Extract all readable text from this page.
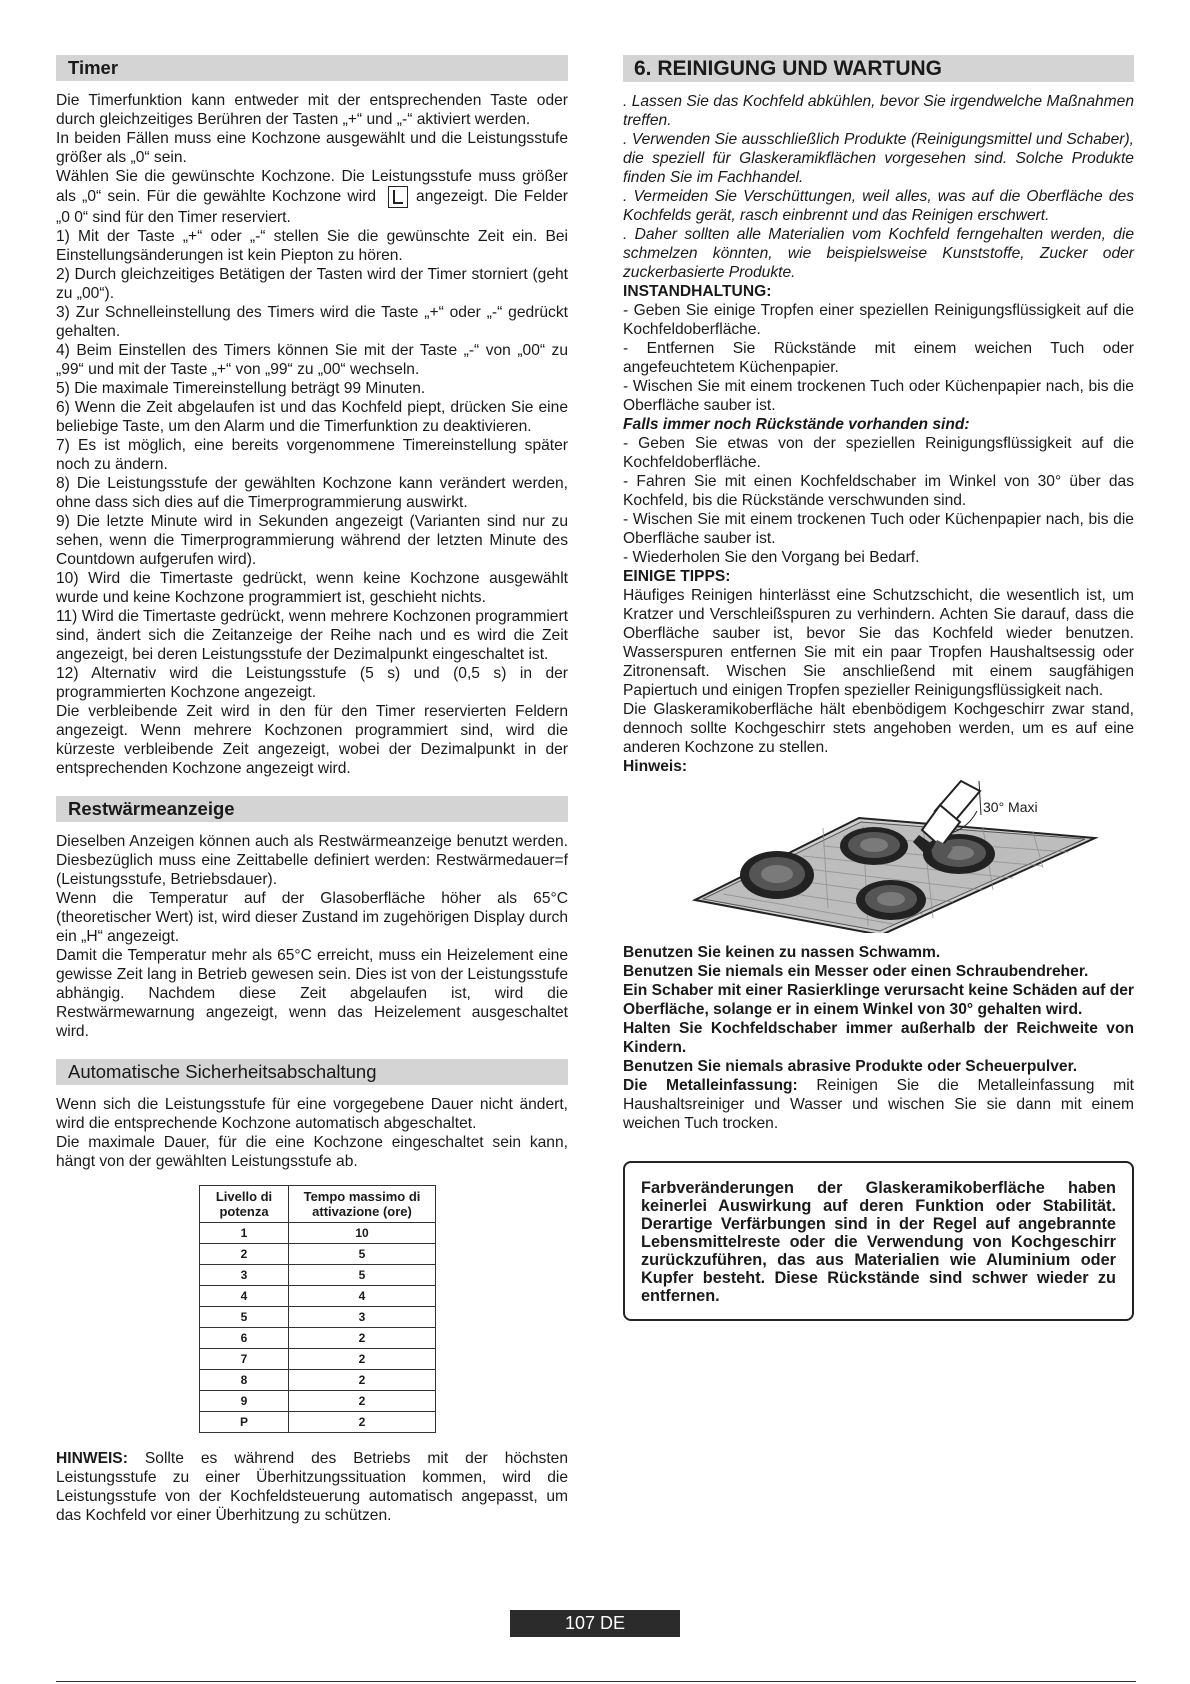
Timer

Die Timerfunktion kann entweder mit der entsprechenden Taste oder durch gleichzeitiges Berühren der Tasten „+“ und „-“ aktiviert werden.

In beiden Fällen muss eine Kochzone ausgewählt und die Leistungsstufe größer als „0“ sein.

Wählen Sie die gewünschte Kochzone. Die Leistungsstufe muss größer als „0“ sein. Für die gewählte Kochzone wird	angezeigt. Die Felder „0 0“ sind für den Timer reserviert.

1) Mit der Taste „+“ oder „-“ stellen Sie die gewünschte Zeit ein. Bei Einstellungsänderungen ist kein Piepton zu hören.

2) Durch gleichzeitiges Betätigen der Tasten wird der Timer storniert (geht zu „00“).

3) Zur Schnelleinstellung des Timers wird die Taste „+“ oder „-“ gedrückt gehalten.

4) Beim Einstellen des Timers können Sie mit der Taste „-“ von „00“ zu „99“ und mit der Taste „+“ von „99“ zu „00“ wechseln.

5) Die maximale Timereinstellung beträgt 99 Minuten.

6) Wenn die Zeit abgelaufen ist und das Kochfeld piept, drücken Sie eine beliebige Taste, um den Alarm und die Timerfunktion zu deaktivieren.

7) Es ist möglich, eine bereits vorgenommene Timereinstellung später noch zu ändern.

8) Die Leistungsstufe der gewählten Kochzone kann verändert werden, ohne dass sich dies auf die Timerprogrammierung auswirkt.

9) Die letzte Minute wird in Sekunden angezeigt (Varianten sind nur zu sehen, wenn die Timerprogrammierung während der letzten Minute des Countdown aufgerufen wird).

10) Wird die Timertaste gedrückt, wenn keine Kochzone ausgewählt wurde und keine Kochzone programmiert ist, geschieht nichts.

11) Wird die Timertaste gedrückt, wenn mehrere Kochzonen programmiert sind, ändert sich die Zeitanzeige der Reihe nach und es wird die Zeit angezeigt, bei deren Leistungsstufe der Dezimalpunkt eingeschaltet ist.

12) Alternativ wird die Leistungsstufe (5 s) und (0,5 s) in der programmierten Kochzone angezeigt.

Die verbleibende Zeit wird in den für den Timer reservierten Feldern angezeigt. Wenn mehrere Kochzonen programmiert sind, wird die kürzeste verbleibende Zeit angezeigt, wobei der Dezimalpunkt in der entsprechenden Kochzone angezeigt wird.

Restwärmeanzeige

Dieselben Anzeigen können auch als Restwärmeanzeige benutzt werden. Diesbezüglich muss eine Zeittabelle definiert werden: Restwärmedauer=f (Leistungsstufe, Betriebsdauer).

Wenn die Temperatur auf der Glasoberfläche höher als 65°C (theoretischer Wert) ist, wird dieser Zustand im zugehörigen Display durch ein „H“ angezeigt.

Damit die Temperatur mehr als 65°C erreicht, muss ein Heizelement eine gewisse Zeit lang in Betrieb gewesen sein. Dies ist von der Leistungsstufe abhängig. Nachdem diese Zeit abgelaufen ist, wird die Restwärmewarnung angezeigt, wenn das Heizelement ausgeschaltet wird.

Automatische Sicherheitsabschaltung

Wenn sich die Leistungsstufe für eine vorgegebene Dauer nicht ändert, wird die entsprechende Kochzone automatisch abgeschaltet.

Die maximale Dauer, für die eine Kochzone eingeschaltet sein kann, hängt von der gewählten Leistungsstufe ab.

Livello di potenza	Tempo massimo di attivazione (ore)
1	10
2	5
3	5
4	4
5	3
6	2
7	2
8	2
9	2
P	2

HINWEIS: Sollte es während des Betriebs mit der höchsten Leistungsstufe zu einer Überhitzungssituation kommen, wird die Leistungsstufe von der Kochfeldsteuerung automatisch angepasst, um das Kochfeld vor einer Überhitzung zu schützen.

6. REINIGUNG UND WARTUNG

. Lassen Sie das Kochfeld abkühlen, bevor Sie irgendwelche Maßnahmen treffen.

. Verwenden Sie ausschließlich Produkte (Reinigungsmittel und Schaber), die speziell für Glaskeramikflächen vorgesehen sind. Solche Produkte finden Sie im Fachhandel.

. Vermeiden Sie Verschüttungen, weil alles, was auf die Oberfläche des Kochfelds gerät, rasch einbrennt und das Reinigen erschwert.

. Daher sollten alle Materialien vom Kochfeld ferngehalten werden, die schmelzen könnten, wie beispielsweise Kunststoffe, Zucker oder zuckerbasierte Produkte.

INSTANDHALTUNG:

- Geben Sie einige Tropfen einer speziellen Reinigungsflüssigkeit auf die Kochfeldoberfläche.

- Entfernen Sie Rückstände mit einem weichen Tuch oder angefeuchtetem Küchenpapier.

- Wischen Sie mit einem trockenen Tuch oder Küchenpapier nach, bis die Oberfläche sauber ist.

Falls immer noch Rückstände vorhanden sind:

- Geben Sie etwas von der speziellen Reinigungsflüssigkeit auf die Kochfeldoberfläche.

- Fahren Sie mit einen Kochfeldschaber im Winkel von 30° über das Kochfeld, bis die Rückstände verschwunden sind.

- Wischen Sie mit einem trockenen Tuch oder Küchenpapier nach, bis die Oberfläche sauber ist.

- Wiederholen Sie den Vorgang bei Bedarf.

EINIGE TIPPS:

Häufiges Reinigen hinterlässt eine Schutzschicht, die wesentlich ist, um Kratzer und Verschleißspuren zu verhindern. Achten Sie darauf, dass die Oberfläche sauber ist, bevor Sie das Kochfeld wieder benutzen. Wasserspuren entfernen Sie mit ein paar Tropfen Haushaltsessig oder Zitronensaft. Wischen Sie anschließend mit einem saugfähigen Papiertuch und einigen Tropfen spezieller Reinigungsflüssigkeit nach.

Die Glaskeramikoberfläche hält ebenbödigem Kochgeschirr zwar stand, dennoch sollte Kochgeschirr stets angehoben werden, um es auf eine anderen Kochzone zu stellen.

Hinweis:

30° Maxi

Benutzen Sie keinen zu nassen Schwamm.

Benutzen Sie niemals ein Messer oder einen Schraubendreher.

Ein Schaber mit einer Rasierklinge verursacht keine Schäden auf der Oberfläche, solange er in einem Winkel von 30° gehalten wird.

Halten Sie Kochfeldschaber immer außerhalb der Reichweite von Kindern.

Benutzen Sie niemals abrasive Produkte oder Scheuerpulver.

Die Metalleinfassung: Reinigen Sie die Metalleinfassung mit Haushaltsreiniger und Wasser und wischen Sie sie dann mit einem weichen Tuch trocken.

Farbveränderungen der Glaskeramikoberfläche haben keinerlei Auswirkung auf deren Funktion oder Stabilität. Derartige Verfärbungen sind in der Regel auf angebrannte Lebensmittelreste oder die Verwendung von Kochgeschirr zurückzuführen, das aus Materialien wie Aluminium oder Kupfer besteht. Diese Rückstände sind schwer wieder zu entfernen.

107 DE
